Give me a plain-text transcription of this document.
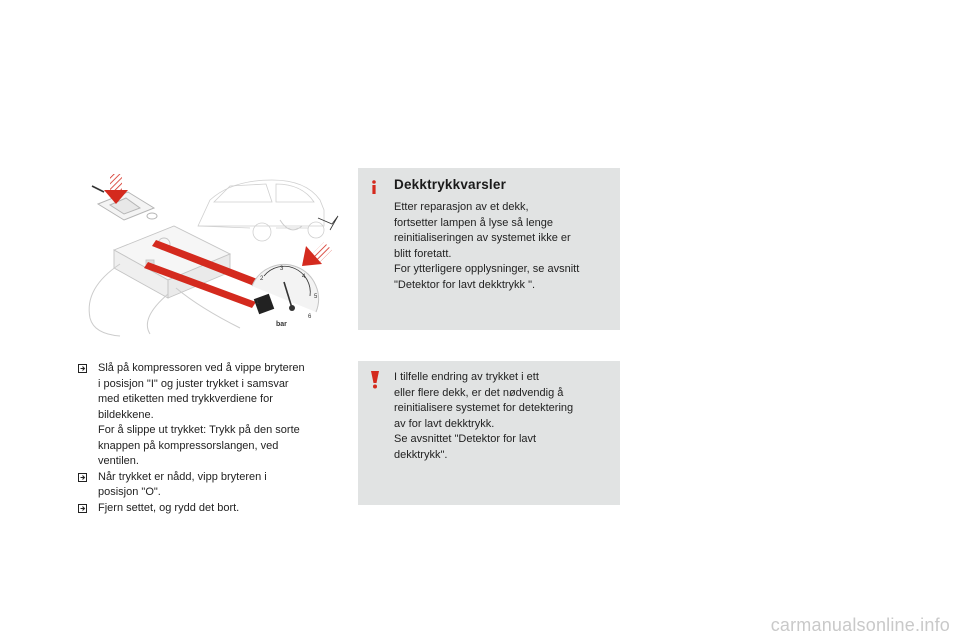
1
2
3
4
5
6
bar
Dekktrykkvarsler

Etter reparasjon av et dekk,

fortsetter lampen å lyse så lenge

reinitialiseringen av systemet ikke er

blitt foretatt.

For ytterligere opplysninger, se avsnitt

"Detektor for lavt dekktrykk ".

I tilfelle endring av trykket i ett

eller flere dekk, er det nødvendig å

reinitialisere systemet for detektering

av for lavt dekktrykk.

Se avsnittet "Detektor for lavt

dekktrykk".

Slå på kompressoren ved å vippe bryteren

i posisjon "I" og juster trykket i samsvar

med etiketten med trykkverdiene for

bildekkene.

For å slippe ut trykket: Trykk på den sorte

knappen på kompressorslangen, ved

ventilen.

Når trykket er nådd, vipp bryteren i

posisjon "O".

Fjern settet, og rydd det bort.

carmanualsonline.info
